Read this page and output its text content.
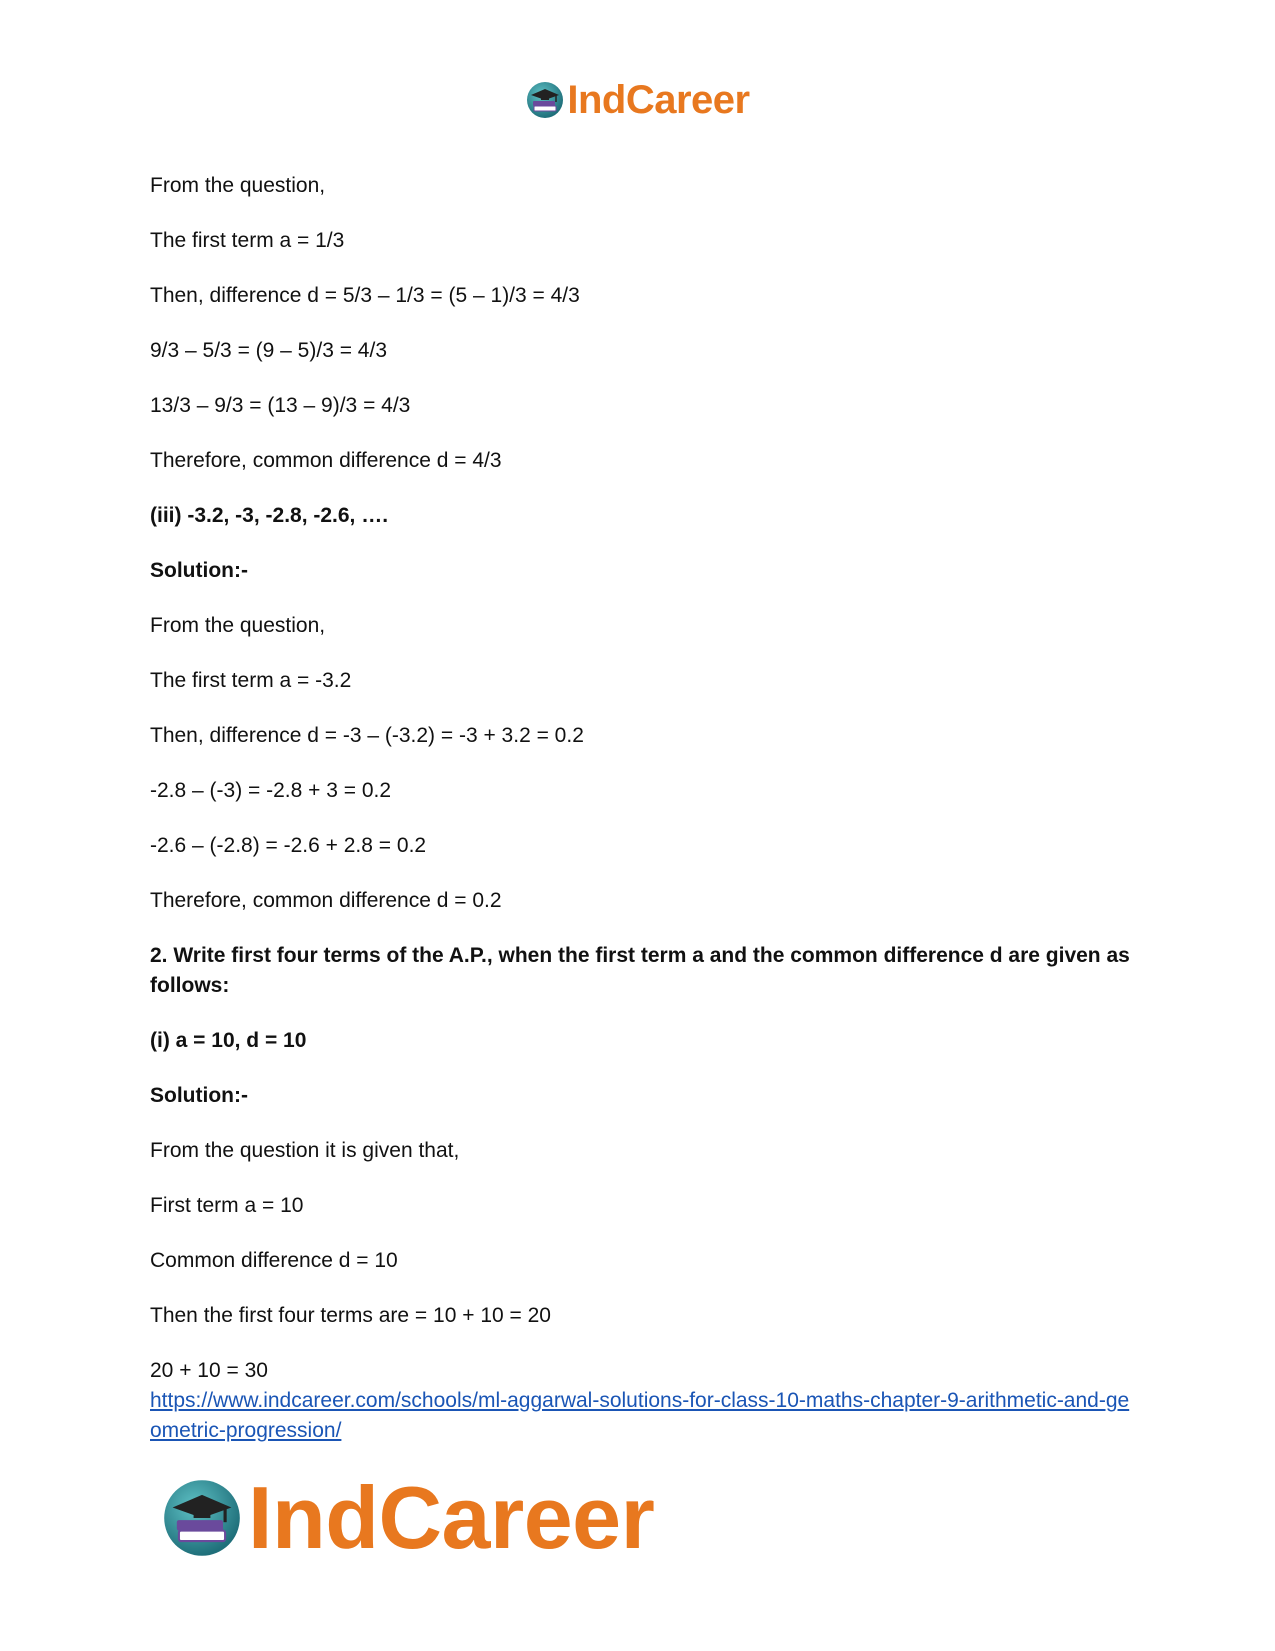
IndCareer
From the question,
The first term a = 1/3
Then, difference d = 5/3 – 1/3 = (5 – 1)/3 = 4/3
9/3 – 5/3 = (9 – 5)/3 = 4/3
13/3 – 9/3 = (13 – 9)/3 = 4/3
Therefore, common difference d = 4/3
(iii) -3.2, -3, -2.8, -2.6, ….
Solution:-
From the question,
The first term a = -3.2
Then, difference d = -3 – (-3.2) = -3 + 3.2 = 0.2
-2.8 – (-3) = -2.8 + 3 = 0.2
-2.6 – (-2.8) = -2.6 + 2.8 = 0.2
Therefore, common difference d = 0.2
2. Write first four terms of the A.P., when the first term a and the common difference d are given as follows:
(i) a = 10, d = 10
Solution:-
From the question it is given that,
First term a = 10
Common difference d = 10
Then the first four terms are = 10 + 10 = 20
20 + 10 = 30
https://www.indcareer.com/schools/ml-aggarwal-solutions-for-class-10-maths-chapter-9-arithmetic-and-geometric-progression/
IndCareer
